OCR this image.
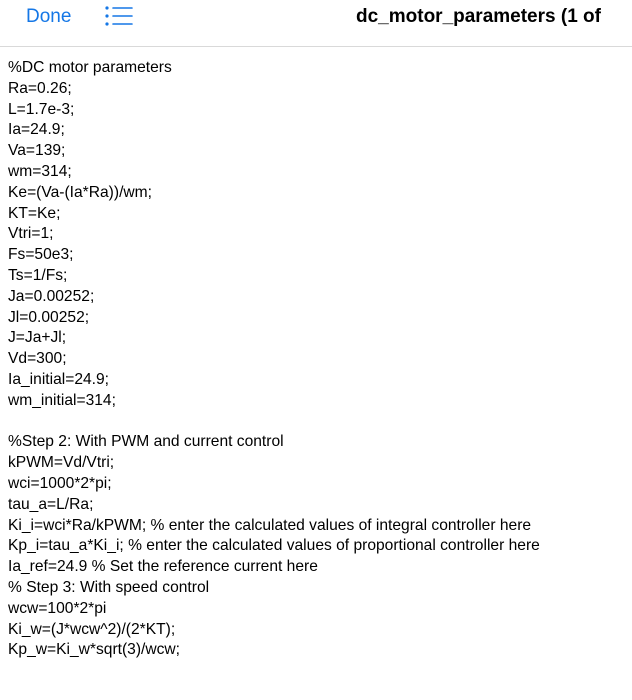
Done	dc_motor_parameters (1 of
%DC motor parameters
Ra=0.26;
L=1.7e-3;
Ia=24.9;
Va=139;
wm=314;
Ke=(Va-(Ia*Ra))/wm;
KT=Ke;
Vtri=1;
Fs=50e3;
Ts=1/Fs;
Ja=0.00252;
Jl=0.00252;
J=Ja+Jl;
Vd=300;
Ia_initial=24.9;
wm_initial=314;
%Step 2: With PWM and current control
kPWM=Vd/Vtri;
wci=1000*2*pi;
tau_a=L/Ra;
Ki_i=wci*Ra/kPWM; % enter the calculated values of integral controller here
Kp_i=tau_a*Ki_i; % enter the calculated values of proportional controller here
Ia_ref=24.9 % Set the reference current here
% Step 3: With speed control
wcw=100*2*pi
Ki_w=(J*wcw^2)/(2*KT);
Kp_w=Ki_w*sqrt(3)/wcw;
